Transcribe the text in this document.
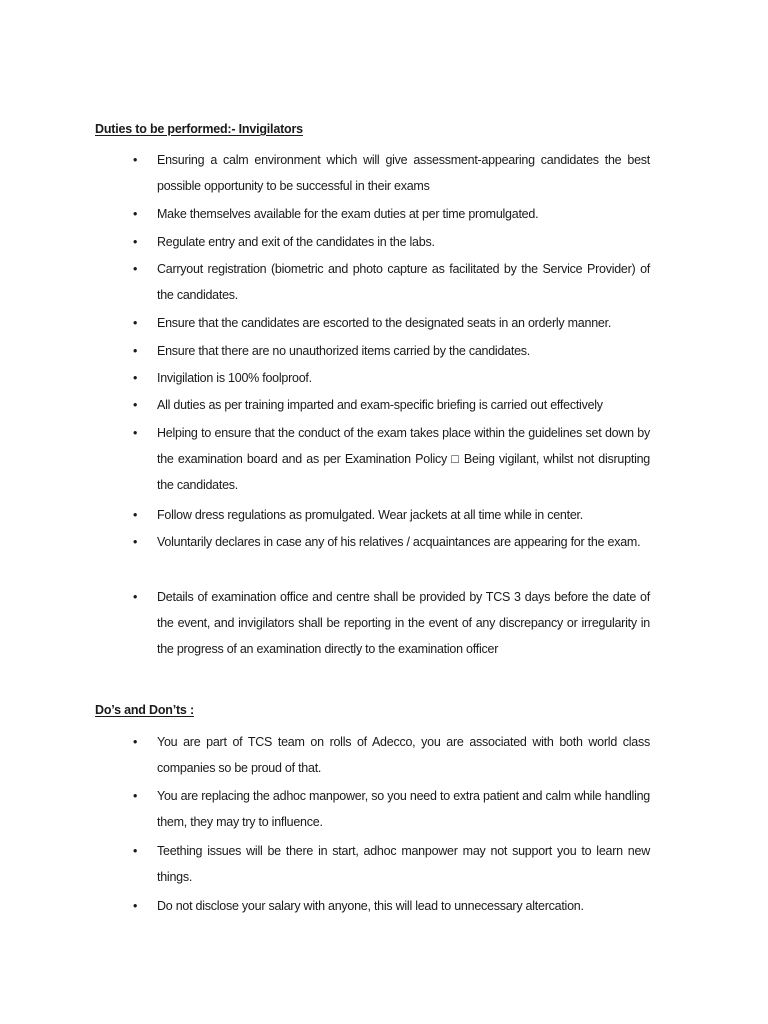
Duties to be performed:- Invigilators
• Ensuring a calm environment which will give assessment-appearing candidates the best possible opportunity to be successful in their exams
• Make themselves available for the exam duties at per time promulgated.
• Regulate entry and exit of the candidates in the labs.
• Carryout registration (biometric and photo capture as facilitated by the Service Provider) of the candidates.
• Ensure that the candidates are escorted to the designated seats in an orderly manner.
• Ensure that there are no unauthorized items carried by the candidates.
• Invigilation is 100% foolproof.
• All duties as per training imparted and exam-specific briefing is carried out effectively
• Helping to ensure that the conduct of the exam takes place within the guidelines set down by the examination board and as per Examination Policy □ Being vigilant, whilst not disrupting the candidates.
• Follow dress regulations as promulgated. Wear jackets at all time while in center.
• Voluntarily declares in case any of his relatives / acquaintances are appearing for the exam.
• Details of examination office and centre shall be provided by TCS 3 days before the date of the event, and invigilators shall be reporting in the event of any discrepancy or irregularity in the progress of an examination directly to the examination officer
Do’s and Don’ts :
• You are part of TCS team on rolls of Adecco, you are associated with both world class companies so be proud of that.
• You are replacing the adhoc manpower, so you need to extra patient and calm while handling them, they may try to influence.
• Teething issues will be there in start, adhoc manpower may not support you to learn new things.
• Do not disclose your salary with anyone, this will lead to unnecessary altercation.
